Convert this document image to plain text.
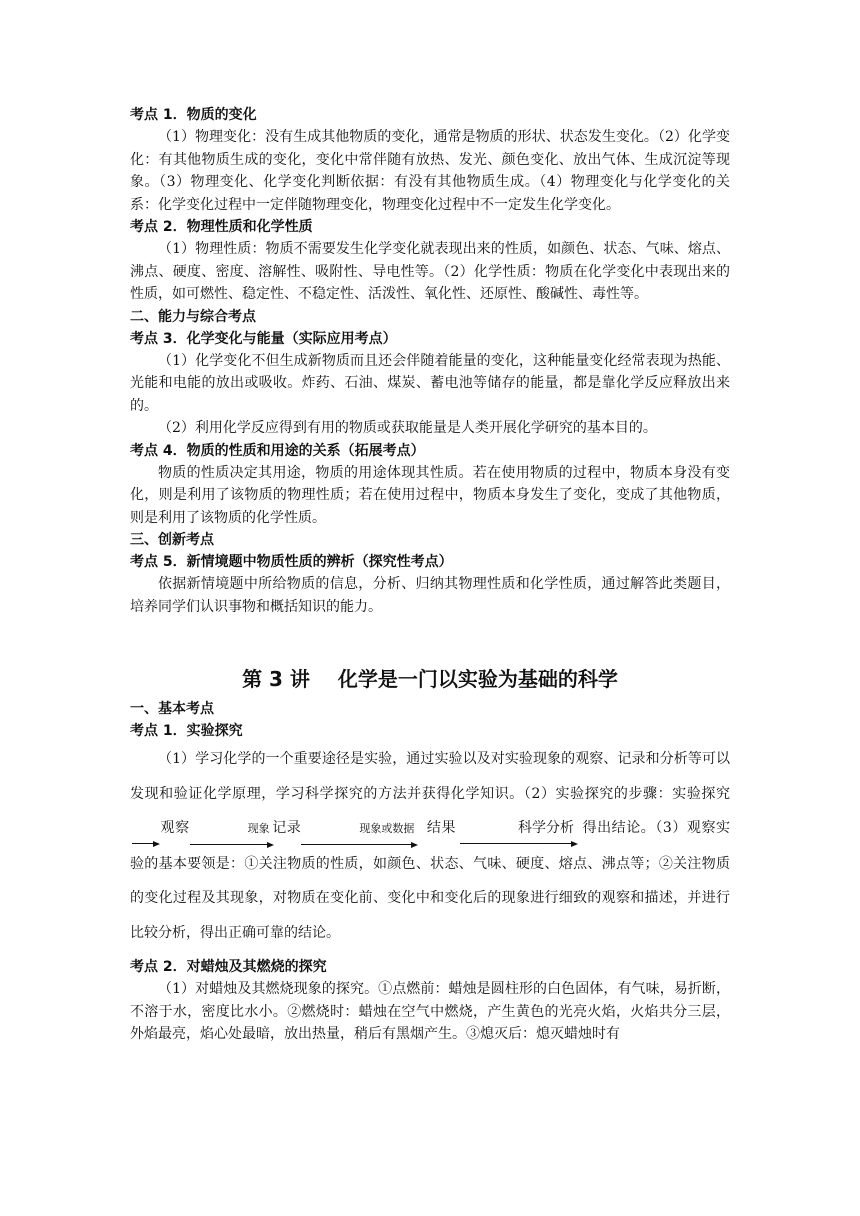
考点 1．物质的变化

（1）物理变化：没有生成其他物质的变化，通常是物质的形状、状态发生变化。（2）化学变化：有其他物质生成的变化，变化中常伴随有放热、发光、颜色变化、放出气体、生成沉淀等现象。（3）物理变化、化学变化判断依据：有没有其他物质生成。（4）物理变化与化学变化的关系：化学变化过程中一定伴随物理变化，物理变化过程中不一定发生化学变化。

考点 2．物理性质和化学性质

（1）物理性质：物质不需要发生化学变化就表现出来的性质，如颜色、状态、气味、熔点、沸点、硬度、密度、溶解性、吸附性、导电性等。（2）化学性质：物质在化学变化中表现出来的性质，如可燃性、稳定性、不稳定性、活泼性、氧化性、还原性、酸碱性、毒性等。

二、能力与综合考点

考点 3．化学变化与能量（实际应用考点）

（1）化学变化不但生成新物质而且还会伴随着能量的变化，这种能量变化经常表现为热能、光能和电能的放出或吸收。炸药、石油、煤炭、蓄电池等储存的能量，都是靠化学反应释放出来的。

（2）利用化学反应得到有用的物质或获取能量是人类开展化学研究的基本目的。

考点 4．物质的性质和用途的关系（拓展考点）

物质的性质决定其用途，物质的用途体现其性质。若在使用物质的过程中，物质本身没有变化，则是利用了该物质的物理性质；若在使用过程中，物质本身发生了变化，变成了其他物质，则是利用了该物质的化学性质。

三、创新考点

考点 5．新情境题中物质性质的辨析（探究性考点）

依据新情境题中所给物质的信息，分析、归纳其物理性质和化学性质，通过解答此类题目，培养同学们认识事物和概括知识的能力。

第 3 讲 化学是一门以实验为基础的科学

一、基本考点

考点 1．实验探究

（1）学习化学的一个重要途径是实验，通过实验以及对实验现象的观察、记录和分析等可以发现和验证化学原理，学习科学探究的方法并获得化学知识。（2）实验探究的步骤：实验探究
观察	现象 记录	现象或数据 结果	科学分析 得出结论。（3）观察实验的基本要领是：①关注物质的性质，如颜色、状态、气味、硬度、熔点、沸点等；②关注物质的变化过程及其现象，对物质在变化前、变化中和变化后的现象进行细致的观察和描述，并进行比较分析，得出正确可靠的结论。

考点 2．对蜡烛及其燃烧的探究

（1）对蜡烛及其燃烧现象的探究。①点燃前：蜡烛是圆柱形的白色固体，有气味，易折断，不溶于水，密度比水小。②燃烧时：蜡烛在空气中燃烧，产生黄色的光亮火焰，火焰共分三层，外焰最亮，焰心处最暗，放出热量，稍后有黑烟产生。③熄灭后：熄灭蜡烛时有
